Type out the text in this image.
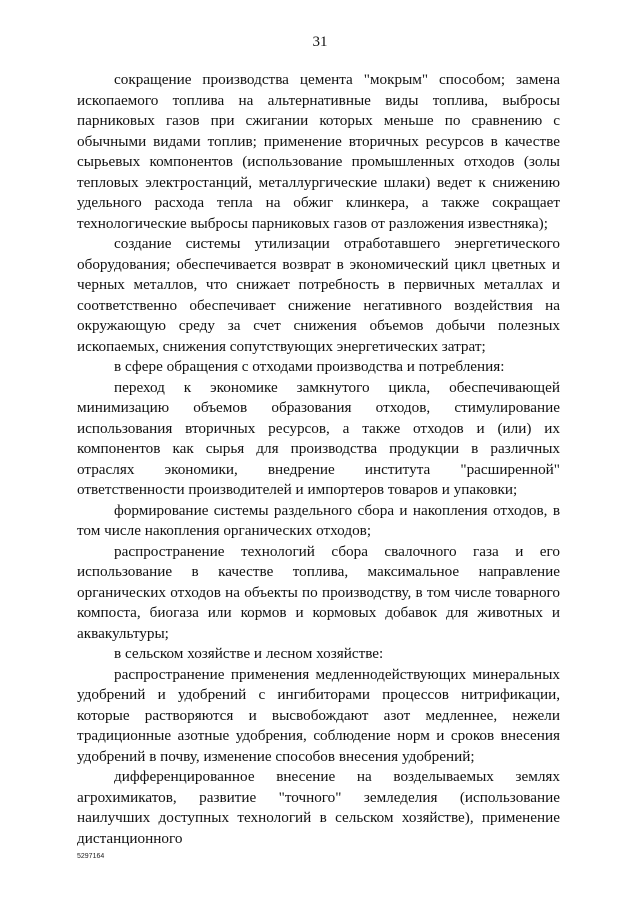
31

сокращение производства цемента "мокрым" способом; замена ископаемого топлива на альтернативные виды топлива, выбросы парниковых газов при сжигании которых меньше по сравнению с обычными видами топлив; применение вторичных ресурсов в качестве сырьевых компонентов (использование промышленных отходов (золы тепловых электростанций, металлургические шлаки) ведет к снижению удельного расхода тепла на обжиг клинкера, а также сокращает технологические выбросы парниковых газов от разложения известняка);

создание системы утилизации отработавшего энергетического оборудования; обеспечивается возврат в экономический цикл цветных и черных металлов, что снижает потребность в первичных металлах и соответственно обеспечивает снижение негативного воздействия на окружающую среду за счет снижения объемов добычи полезных ископаемых, снижения сопутствующих энергетических затрат;

в сфере обращения с отходами производства и потребления:

переход к экономике замкнутого цикла, обеспечивающей минимизацию объемов образования отходов, стимулирование использования вторичных ресурсов, а также отходов и (или) их компонентов как сырья для производства продукции в различных отраслях экономики, внедрение института "расширенной" ответственности производителей и импортеров товаров и упаковки;

формирование системы раздельного сбора и накопления отходов, в том числе накопления органических отходов;

распространение технологий сбора свалочного газа и его использование в качестве топлива, максимальное направление органических отходов на объекты по производству, в том числе товарного компоста, биогаза или кормов и кормовых добавок для животных и аквакультуры;

в сельском хозяйстве и лесном хозяйстве:

распространение применения медленнодействующих минеральных удобрений и удобрений с ингибиторами процессов нитрификации, которые растворяются и высвобождают азот медленнее, нежели традиционные азотные удобрения, соблюдение норм и сроков внесения удобрений в почву, изменение способов внесения удобрений;

дифференцированное внесение на возделываемых землях агрохимикатов, развитие "точного" земледелия (использование наилучших доступных технологий в сельском хозяйстве), применение дистанционного

5297164
